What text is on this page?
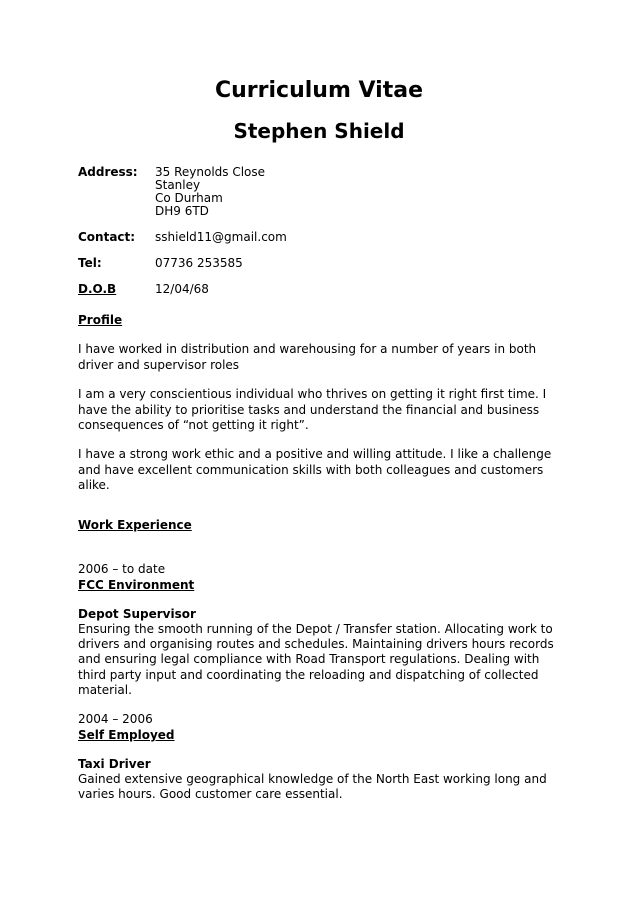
Curriculum Vitae
Stephen Shield
Address:	35 Reynolds Close
Stanley
Co Durham
DH9 6TD
Contact:	sshield11@gmail.com
Tel:	07736 253585
D.O.B	12/04/68
Profile

I have worked in distribution and warehousing for a number of years in both driver and supervisor roles

I am a very conscientious individual who thrives on getting it right first time. I have the ability to prioritise tasks and understand the financial and business consequences of “not getting it right”.

I have a strong work ethic and a positive and willing attitude. I like a challenge and have excellent communication skills with both colleagues and customers alike.

Work Experience

2006 – to date

FCC Environment

Depot Supervisor

Ensuring the smooth running of the Depot / Transfer station. Allocating work to drivers and organising routes and schedules. Maintaining drivers hours records and ensuring legal compliance with Road Transport regulations. Dealing with third party input and coordinating the reloading and dispatching of collected material.

2004 – 2006

Self Employed

Taxi Driver

Gained extensive geographical knowledge of the North East working long and varies hours. Good customer care essential.
